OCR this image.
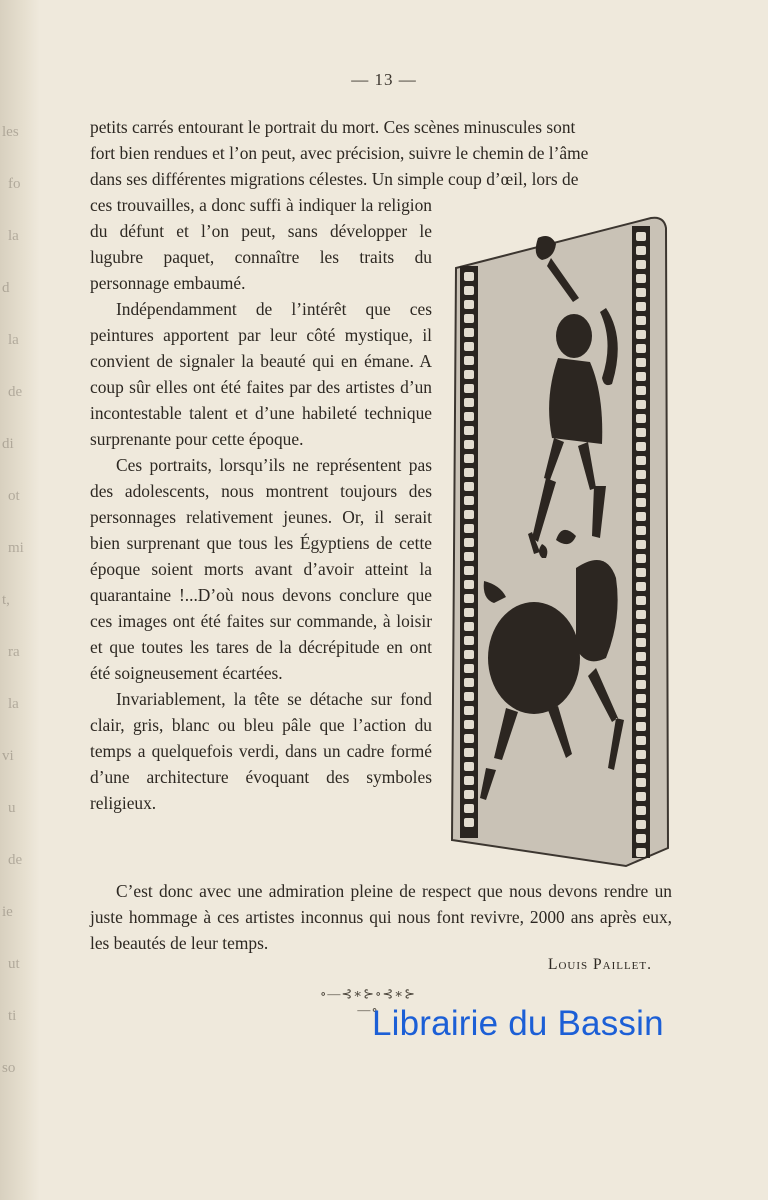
les
fo
la
d
la
de
di
ot
mi
t,
ra
la
vi
u
de
ie
ut
ti
so
— 13 —
petits carrés entourant le portrait du mort. Ces scènes minuscules sont
fort bien rendues et l’on peut, avec précision, suivre le chemin de l’âme
dans ses différentes migrations célestes. Un simple coup d’œil, lors de

ces trouvailles, a donc suffi à indiquer la religion du défunt et l’on peut, sans développer le lugubre paquet, connaître les traits du personnage embaumé.

Indépendamment de l’intérêt que ces peintures apportent par leur côté mystique, il convient de signaler la beauté qui en émane. A coup sûr elles ont été faites par des artistes d’un incontestable talent et d’une habileté technique surprenante pour cette époque.

Ces portraits, lorsqu’ils ne représentent pas des adolescents, nous montrent toujours des personnages relativement jeunes. Or, il serait bien surprenant que tous les Égyptiens de cette époque soient morts avant d’avoir atteint la quarantaine !...D’où nous devons conclure que ces images ont été faites sur commande, à loisir et que toutes les tares de la décrépitude en ont été soigneusement écartées.

Invariablement, la tête se détache sur fond clair, gris, blanc ou bleu pâle que l’action du temps a quelquefois verdi, dans un cadre formé d’une architecture évoquant des symboles religieux.

C’est donc avec une admiration pleine de respect que nous devons rendre un juste hommage à ces artistes inconnus qui nous font revivre, 2000 ans après eux, les beautés de leur temps.
Louis Paillet.
∘—⊰∗⊱∘⊰∗⊱—∘
Librairie du Bassin
